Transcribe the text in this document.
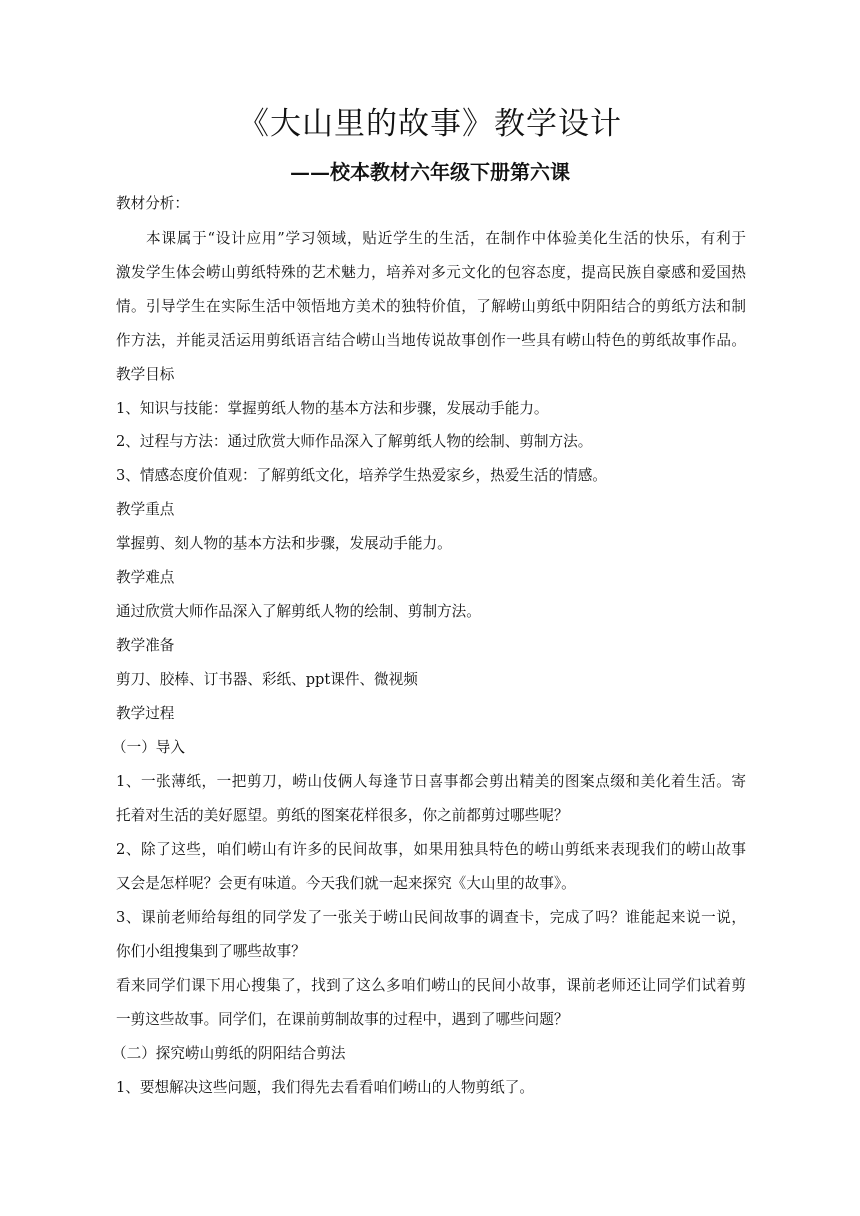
《大山里的故事》教学设计
——校本教材六年级下册第六课

教材分析：

本课属于“设计应用”学习领域，贴近学生的生活，在制作中体验美化生活的快乐，有利于

激发学生体会崂山剪纸特殊的艺术魅力，培养对多元文化的包容态度，提高民族自豪感和爱国热

情。引导学生在实际生活中领悟地方美术的独特价值，了解崂山剪纸中阴阳结合的剪纸方法和制

作方法，并能灵活运用剪纸语言结合崂山当地传说故事创作一些具有崂山特色的剪纸故事作品。

教学目标

1、知识与技能：掌握剪纸人物的基本方法和步骤，发展动手能力。

2、过程与方法：通过欣赏大师作品深入了解剪纸人物的绘制、剪制方法。

3、情感态度价值观：了解剪纸文化，培养学生热爱家乡，热爱生活的情感。

教学重点

掌握剪、刻人物的基本方法和步骤，发展动手能力。

教学难点

通过欣赏大师作品深入了解剪纸人物的绘制、剪制方法。

教学准备

剪刀、胶棒、订书器、彩纸、ppt课件、微视频

教学过程

（一）导入

1、一张薄纸，一把剪刀，崂山伎俩人每逢节日喜事都会剪出精美的图案点缀和美化着生活。寄

托着对生活的美好愿望。剪纸的图案花样很多，你之前都剪过哪些呢？

2、除了这些，咱们崂山有许多的民间故事，如果用独具特色的崂山剪纸来表现我们的崂山故事

又会是怎样呢？会更有味道。今天我们就一起来探究《大山里的故事》。

3、课前老师给每组的同学发了一张关于崂山民间故事的调查卡，完成了吗？谁能起来说一说，

你们小组搜集到了哪些故事？

看来同学们课下用心搜集了，找到了这么多咱们崂山的民间小故事，课前老师还让同学们试着剪

一剪这些故事。同学们，在课前剪制故事的过程中，遇到了哪些问题？

（二）探究崂山剪纸的阴阳结合剪法

1、要想解决这些问题，我们得先去看看咱们崂山的人物剪纸了。
